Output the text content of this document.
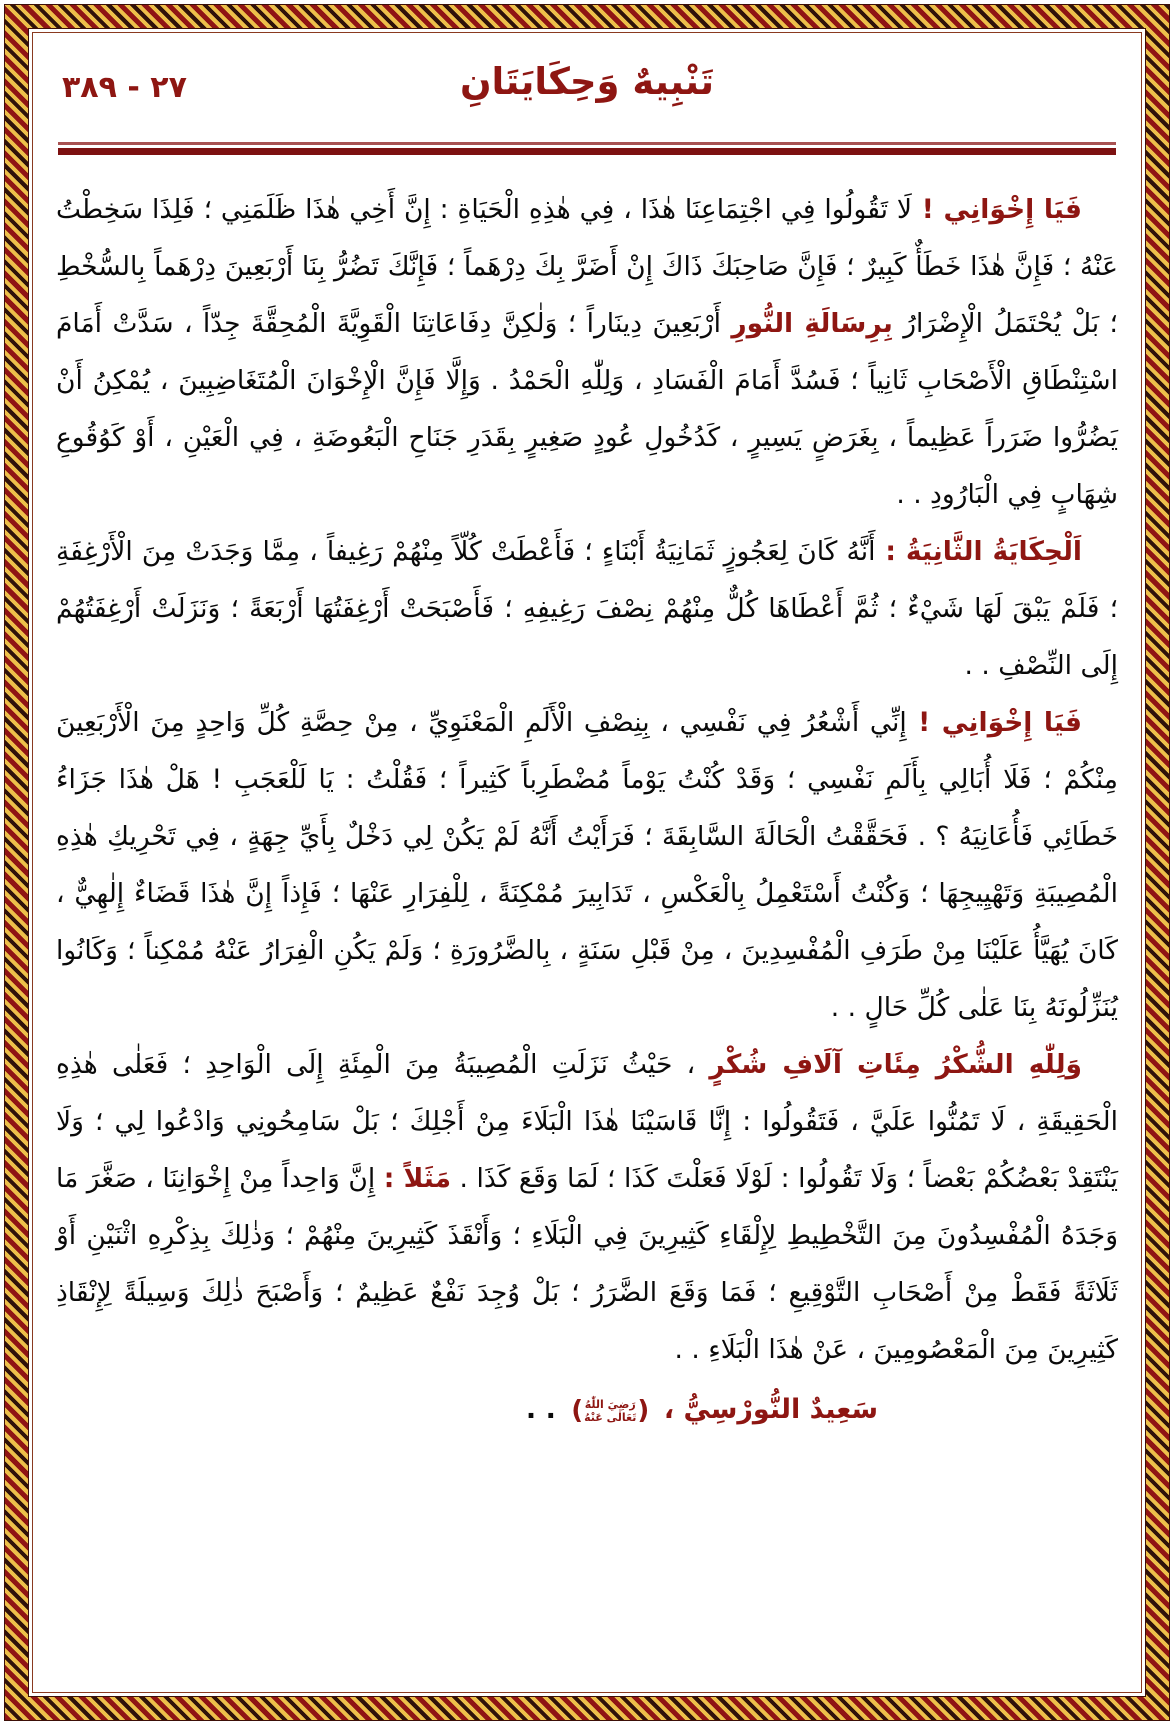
٢٧ - ٣٨٩	تَنْبِيهٌ وَحِكَايَتَانِ

فَيَا إِخْوَانِي ! لَا تَقُولُوا فِي اجْتِمَاعِنَا هٰذَا ، فِي هٰذِهِ الْحَيَاةِ : إِنَّ أَخِي هٰذَا ظَلَمَنِي ؛ فَلِذَا سَخِطْتُ عَنْهُ ؛ فَإِنَّ هٰذَا خَطَأٌ كَبِيرٌ ؛ فَإِنَّ صَاحِبَكَ ذَاكَ إِنْ أَضَرَّ بِكَ دِرْهَماً ؛ فَإِنَّكَ تَضُرُّ بِنَا أَرْبَعِينَ دِرْهَماً بِالسُّخْطِ ؛ بَلْ يُحْتَمَلُ الْإِضْرَارُ بِرِسَالَةِ النُّورِ أَرْبَعِينَ دِينَاراً ؛ وَلٰكِنَّ دِفَاعَاتِنَا الْقَوِيَّةَ الْمُحِقَّةَ جِدّاً ، سَدَّتْ أَمَامَ اسْتِنْطَاقِ الْأَصْحَابِ ثَانِياً ؛ فَسُدَّ أَمَامَ الْفَسَادِ ، وَلِلّٰهِ الْحَمْدُ . وَإِلَّا فَإِنَّ الْإِخْوَانَ الْمُتَغَاضِبِينَ ، يُمْكِنُ أَنْ يَضُرُّوا ضَرَراً عَظِيماً ، بِغَرَضٍ يَسِيرٍ ، كَدُخُولِ عُودٍ صَغِيرٍ بِقَدَرِ جَنَاحِ الْبَعُوضَةِ ، فِي الْعَيْنِ ، أَوْ كَوُقُوعِ شِهَابٍ فِي الْبَارُودِ . .

اَلْحِكَايَةُ الثَّانِيَةُ : أَنَّهُ كَانَ لِعَجُوزٍ ثَمَانِيَةُ أَبْنَاءٍ ؛ فَأَعْطَتْ كُلّاً مِنْهُمْ رَغِيفاً ، مِمَّا وَجَدَتْ مِنَ الْأَرْغِفَةِ ؛ فَلَمْ يَبْقَ لَهَا شَيْءٌ ؛ ثُمَّ أَعْطَاهَا كُلٌّ مِنْهُمْ نِصْفَ رَغِيفِهِ ؛ فَأَصْبَحَتْ أَرْغِفَتُهَا أَرْبَعَةً ؛ وَنَزَلَتْ أَرْغِفَتُهُمْ إِلَى النِّصْفِ . .

فَيَا إِخْوَانِي ! إِنِّي أَشْعُرُ فِي نَفْسِي ، بِنِصْفِ الْأَلَمِ الْمَعْنَوِيِّ ، مِنْ حِصَّةِ كُلِّ وَاحِدٍ مِنَ الْأَرْبَعِينَ مِنْكُمْ ؛ فَلَا أُبَالِي بِأَلَمِ نَفْسِي ؛ وَقَدْ كُنْتُ يَوْماً مُضْطَرِباً كَثِيراً ؛ فَقُلْتُ : يَا لَلْعَجَبِ ! هَلْ هٰذَا جَزَاءُ خَطَائِي فَأُعَانِيَهُ ؟ . فَحَقَّقْتُ الْحَالَةَ السَّابِقَةَ ؛ فَرَأَيْتُ أَنَّهُ لَمْ يَكُنْ لِي دَخْلٌ بِأَيِّ جِهَةٍ ، فِي تَحْرِيكِ هٰذِهِ الْمُصِيبَةِ وَتَهْيِيجِهَا ؛ وَكُنْتُ أَسْتَعْمِلُ بِالْعَكْسِ ، تَدَابِيرَ مُمْكِنَةً ، لِلْفِرَارِ عَنْهَا ؛ فَإِذاً إِنَّ هٰذَا قَضَاءٌ إِلٰهِيٌّ ، كَانَ يُهَيَّأُ عَلَيْنَا مِنْ طَرَفِ الْمُفْسِدِينَ ، مِنْ قَبْلِ سَنَةٍ ، بِالضَّرُورَةِ ؛ وَلَمْ يَكُنِ الْفِرَارُ عَنْهُ مُمْكِناً ؛ وَكَانُوا يُنَزِّلُونَهُ بِنَا عَلٰى كُلِّ حَالٍ . .

وَلِلّٰهِ الشُّكْرُ مِئَاتِ آلَافِ شُكْرٍ ، حَيْثُ نَزَلَتِ الْمُصِيبَةُ مِنَ الْمِئَةِ إِلَى الْوَاحِدِ ؛ فَعَلٰى هٰذِهِ الْحَقِيقَةِ ، لَا تَمُنُّوا عَلَيَّ ، فَتَقُولُوا : إِنَّا قَاسَيْنَا هٰذَا الْبَلَاءَ مِنْ أَجْلِكَ ؛ بَلْ سَامِحُونِي وَادْعُوا لِي ؛ وَلَا يَنْتَقِدْ بَعْضُكُمْ بَعْضاً ؛ وَلَا تَقُولُوا : لَوْلَا فَعَلْتَ كَذَا ؛ لَمَا وَقَعَ كَذَا . مَثَلاً : إِنَّ وَاحِداً مِنْ إِخْوَانِنَا ، صَغَّرَ مَا وَجَدَهُ الْمُفْسِدُونَ مِنَ التَّخْطِيطِ لِإِلْقَاءِ كَثِيرِينَ فِي الْبَلَاءِ ؛ وَأَنْقَذَ كَثِيرِينَ مِنْهُمْ ؛ وَذٰلِكَ بِذِكْرِهِ اثْنَيْنِ أَوْ ثَلَاثَةً فَقَطْ مِنْ أَصْحَابِ التَّوْقِيعِ ؛ فَمَا وَقَعَ الضَّرَرُ ؛ بَلْ وُجِدَ نَفْعٌ عَظِيمٌ ؛ وَأَصْبَحَ ذٰلِكَ وَسِيلَةً لِإِنْقَاذِ كَثِيرِينَ مِنَ الْمَعْصُومِينَ ، عَنْ هٰذَا الْبَلَاءِ . .

سَعِيدٌ النُّورْسِيُّ ، (
رَضِيَ اللّٰهُ
تَعَالٰى عَنْهُ
) . .
